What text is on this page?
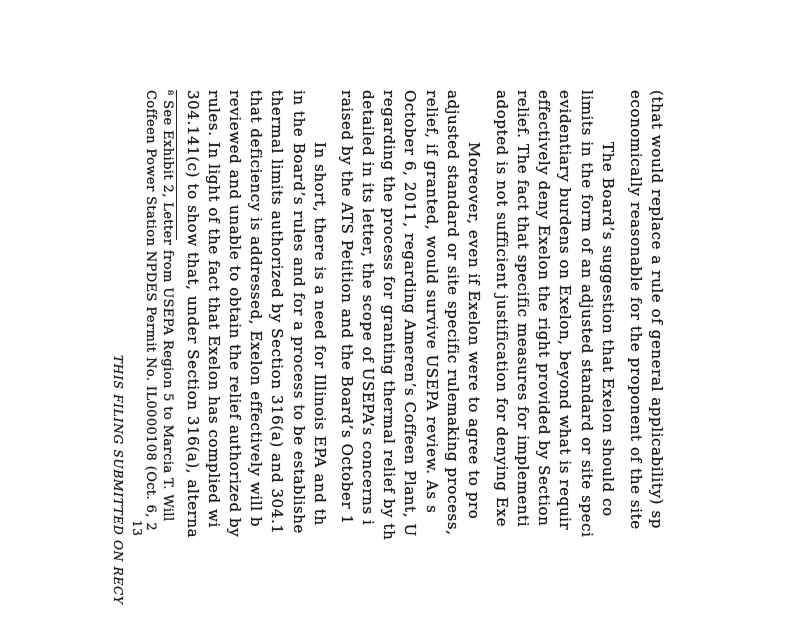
THIS FILING SUBMITTED ON RECY 13 Coffeen Power Station NPDES Permit No. IL0000108 (Oct. 6, 2 ⁸ See Exhibit 2, Letter from USEPA Region 5 to Marcia T. Will 304.141(c) to show that, under Section 316(a), alterna rules. In light of the fact that Exelon has complied wi reviewed and unable to obtain the relief authorized by that deficiency is addressed, Exelon effectively will b thermal limits authorized by Section 316(a) and 304.1 in the Board’s rules and for a process to be establishe In short, there is a need for Illinois EPA and th raised by the ATS Petition and the Board’s October 1 detailed in its letter, the scope of USEPA’s concerns i regarding the process for granting thermal relief by th October 6, 2011, regarding Ameren’s Coffeen Plant, U relief, if granted, would survive USEPA review. As s adjusted standard or site specific rulemaking process, Moreover, even if Exelon were to agree to pro adopted is not sufficient justification for denying Exe relief. The fact that specific measures for implementi effectively deny Exelon the right provided by Section evidentiary burdens on Exelon, beyond what is requir limits in the form of an adjusted standard or site speci The Board’s suggestion that Exelon should co economically reasonable for the proponent of the site (that would replace a rule of general applicability) sp
